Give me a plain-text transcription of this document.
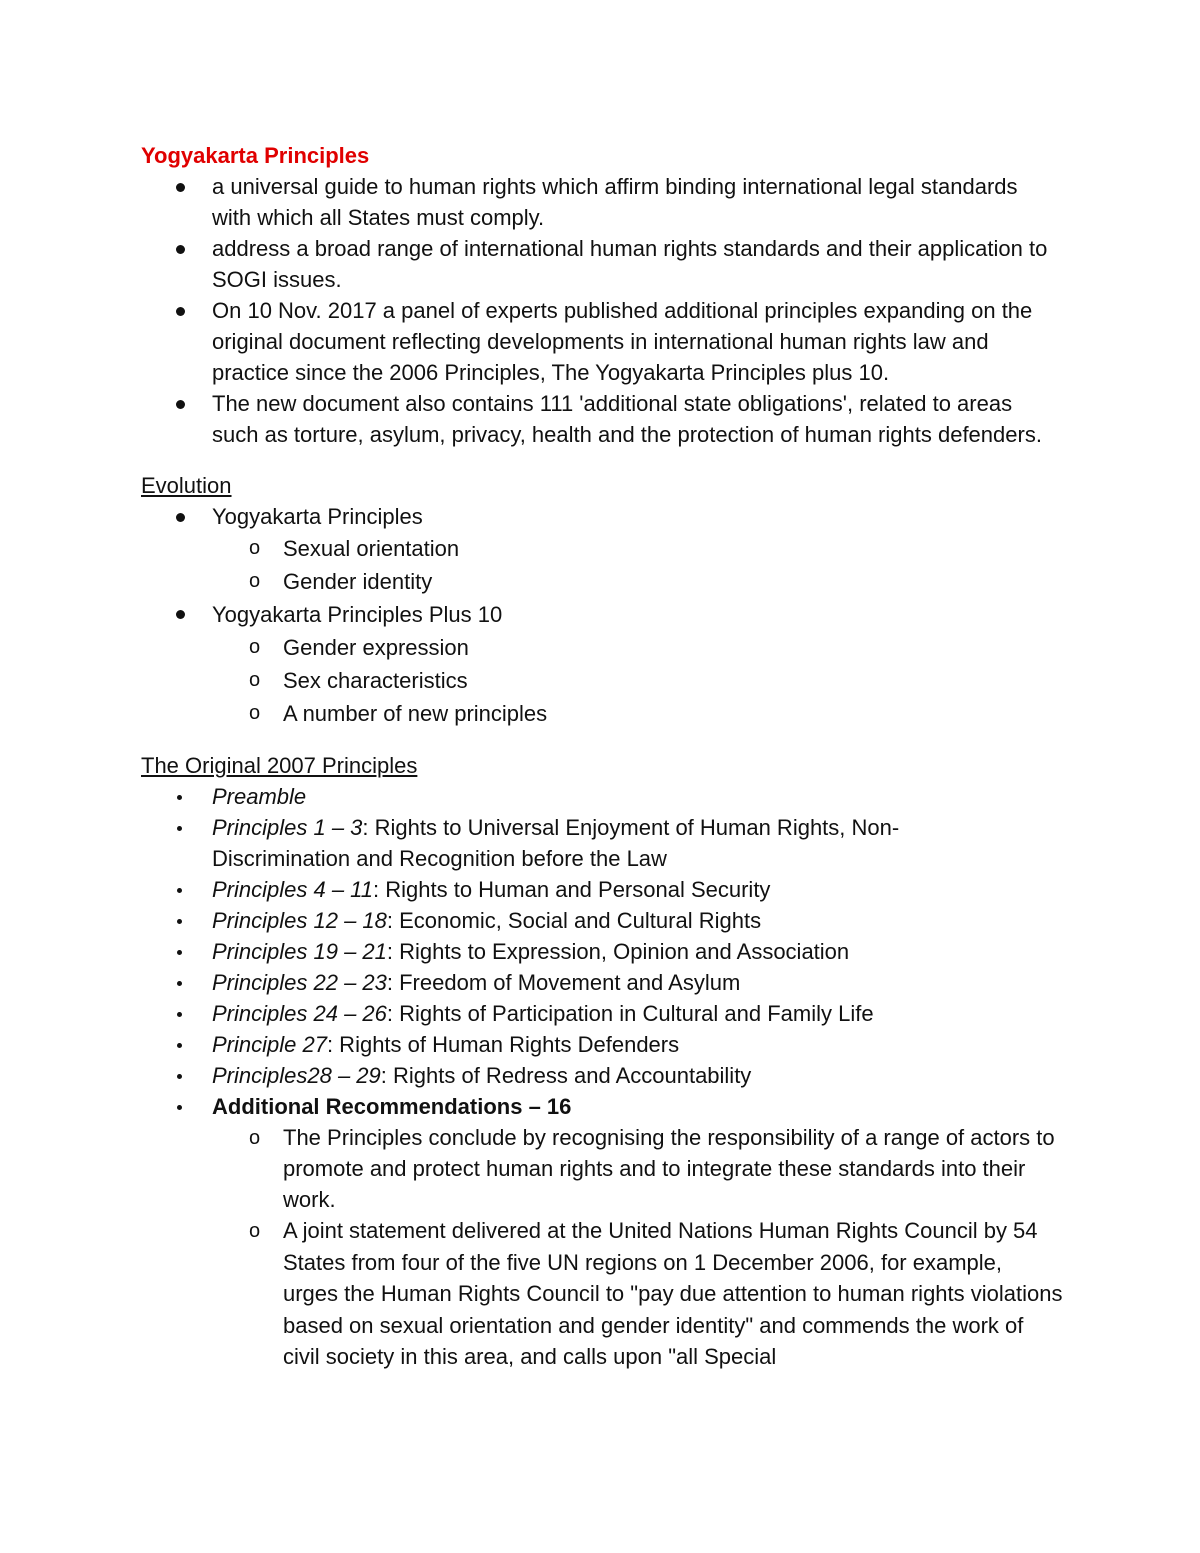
Yogyakarta Principles
a universal guide to human rights which affirm binding international legal standards with which all States must comply.
address a broad range of international human rights standards and their application to SOGI issues.
On 10 Nov. 2017 a panel of experts published additional principles expanding on the original document reflecting developments in international human rights law and practice since the 2006 Principles, The Yogyakarta Principles plus 10.
The new document also contains 111 'additional state obligations', related to areas such as torture, asylum, privacy, health and the protection of human rights defenders.
Evolution
Yogyakarta Principles
o Sexual orientation
o Gender identity
Yogyakarta Principles Plus 10
o Gender expression
o Sex characteristics
o A number of new principles
The Original 2007 Principles
Preamble
Principles 1 – 3: Rights to Universal Enjoyment of Human Rights, Non-Discrimination and Recognition before the Law
Principles 4 – 11: Rights to Human and Personal Security
Principles 12 – 18: Economic, Social and Cultural Rights
Principles 19 – 21: Rights to Expression, Opinion and Association
Principles 22 – 23: Freedom of Movement and Asylum
Principles 24 – 26: Rights of Participation in Cultural and Family Life
Principle 27: Rights of Human Rights Defenders
Principles28 – 29: Rights of Redress and Accountability
Additional Recommendations – 16
o The Principles conclude by recognising the responsibility of a range of actors to promote and protect human rights and to integrate these standards into their work.
o A joint statement delivered at the United Nations Human Rights Council by 54 States from four of the five UN regions on 1 December 2006, for example, urges the Human Rights Council to "pay due attention to human rights violations based on sexual orientation and gender identity" and commends the work of civil society in this area, and calls upon "all Special
